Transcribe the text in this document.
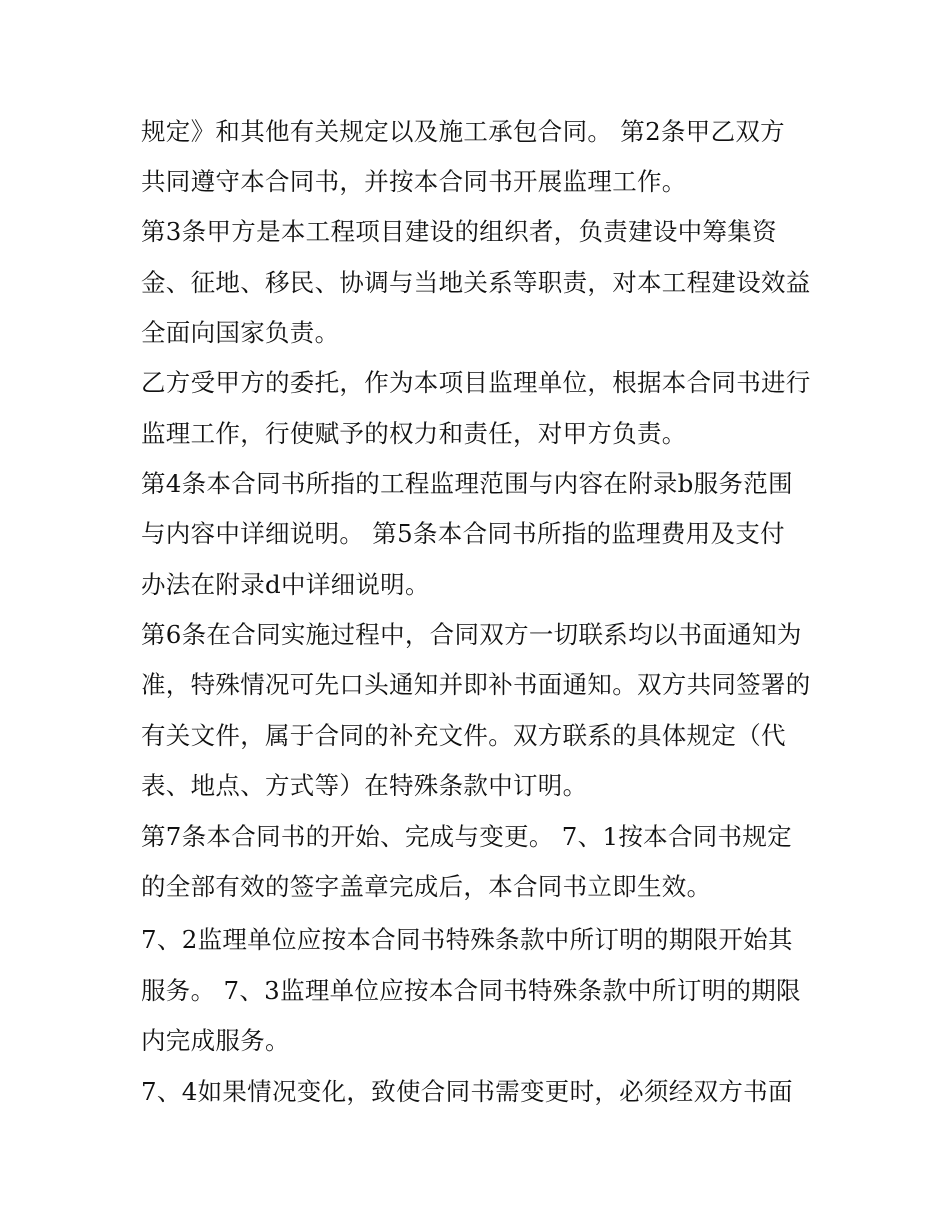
规定》和其他有关规定以及施工承包合同。 第2条甲乙双方
共同遵守本合同书，并按本合同书开展监理工作。
第3条甲方是本工程项目建设的组织者，负责建设中筹集资
金、征地、移民、协调与当地关系等职责，对本工程建设效益
全面向国家负责。
乙方受甲方的委托，作为本项目监理单位，根据本合同书进行
监理工作，行使赋予的权力和责任，对甲方负责。
第4条本合同书所指的工程监理范围与内容在附录b服务范围
与内容中详细说明。 第5条本合同书所指的监理费用及支付
办法在附录d中详细说明。
第6条在合同实施过程中，合同双方一切联系均以书面通知为
准，特殊情况可先口头通知并即补书面通知。双方共同签署的
有关文件，属于合同的补充文件。双方联系的具体规定（代
表、地点、方式等）在特殊条款中订明。
第7条本合同书的开始、完成与变更。 7、1按本合同书规定
的全部有效的签字盖章完成后，本合同书立即生效。
7、2监理单位应按本合同书特殊条款中所订明的期限开始其
服务。 7、3监理单位应按本合同书特殊条款中所订明的期限
内完成服务。
7、4如果情况变化，致使合同书需变更时，必须经双方书面
